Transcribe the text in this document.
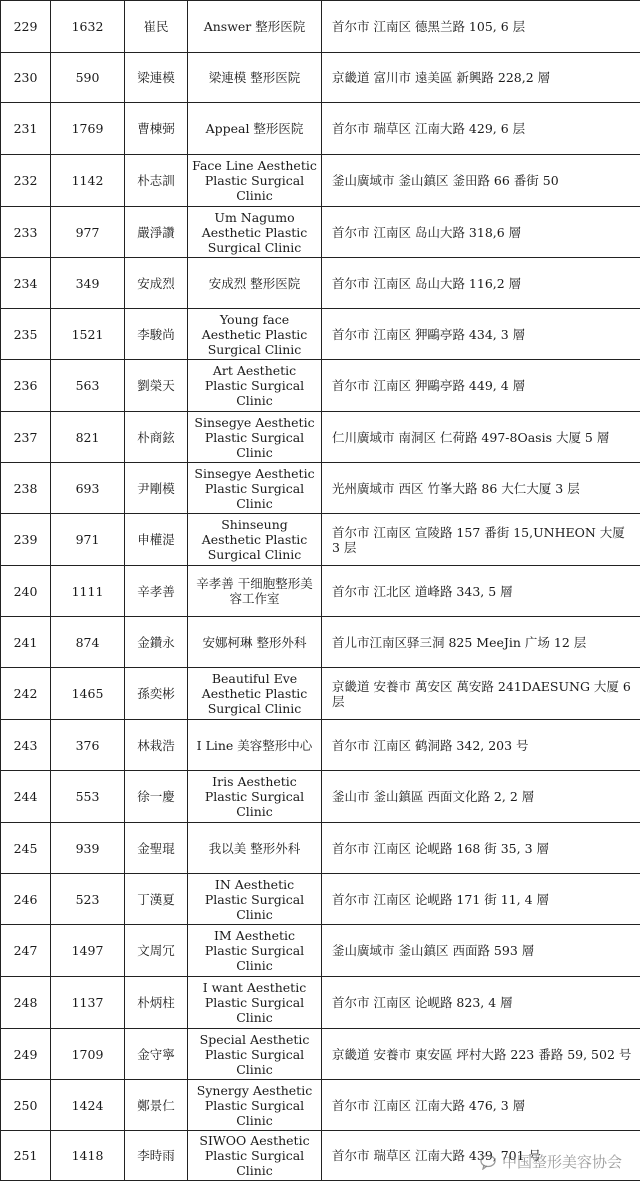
229	1632	崔民	Answer 整形医院	首尔市 江南区 德黑兰路 105, 6 层
230	590	梁連模	梁連模 整形医院	京畿道 富川市 遠美區 新興路 228,2 層
231	1769	曹棟弼	Appeal 整形医院	首尔市 瑞草区 江南大路 429, 6 层
232	1142	朴志訓	Face Line Aesthetic Plastic Surgical Clinic	釜山廣域市 釜山鎮区 釜田路 66 番街 50
233	977	嚴淨讚	Um Nagumo Aesthetic Plastic Surgical Clinic	首尔市 江南区 岛山大路 318,6 層
234	349	安成烈	安成烈 整形医院	首尔市 江南区 岛山大路 116,2 層
235	1521	李駿尚	Young face Aesthetic Plastic Surgical Clinic	首尔市 江南区 狎鷗亭路 434, 3 層
236	563	劉榮天	Art Aesthetic Plastic Surgical Clinic	首尔市 江南区 狎鷗亭路 449, 4 層
237	821	朴商鉉	Sinsegye Aesthetic Plastic Surgical Clinic	仁川廣域市 南洞区 仁荷路 497-8Oasis 大厦 5 層
238	693	尹剛模	Sinsegye Aesthetic Plastic Surgical Clinic	光州廣域市 西区 竹峯大路 86 大仁大厦 3 层
239	971	申權湜	Shinseung Aesthetic Plastic Surgical Clinic	首尔市 江南区 宣陵路 157 番街 15,UNHEON 大厦 3 层
240	1111	辛孝善	辛孝善 干细胞整形美容工作室	首尔市 江北区 道峰路 343, 5 層
241	874	金鑽永	安娜柯琳 整形外科	首儿市江南区驿三洞 825 MeeJin 广场 12 层
242	1465	孫奕彬	Beautiful Eve Aesthetic Plastic Surgical Clinic	京畿道 安養市 萬安区 萬安路 241DAESUNG 大厦 6 层
243	376	林栽浩	I Line 美容整形中心	首尔市 江南区 鹤洞路 342, 203 号
244	553	徐一慶	Iris Aesthetic Plastic Surgical Clinic	釜山市 釜山鎮區 西面文化路 2, 2 層
245	939	金聖琨	我以美 整形外科	首尔市 江南区 论岘路 168 街 35, 3 層
246	523	丁漢夏	IN Aesthetic Plastic Surgical Clinic	首尔市 江南区 论岘路 171 街 11, 4 層
247	1497	文周冗	IM Aesthetic Plastic Surgical Clinic	釜山廣域市 釜山鎮区 西面路 593 層
248	1137	朴炳柱	I want Aesthetic Plastic Surgical Clinic	首尔市 江南区 论岘路 823, 4 層
249	1709	金守寧	Special Aesthetic Plastic Surgical Clinic	京畿道 安養市 東安區 坪村大路 223 番路 59, 502 号
250	1424	鄭景仁	Synergy Aesthetic Plastic Surgical Clinic	首尔市 江南区 江南大路 476, 3 層
251	1418	李時雨	SIWOO Aesthetic Plastic Surgical Clinic	首尔市 瑞草区 江南大路 439, 701 号
中国整形美容协会
